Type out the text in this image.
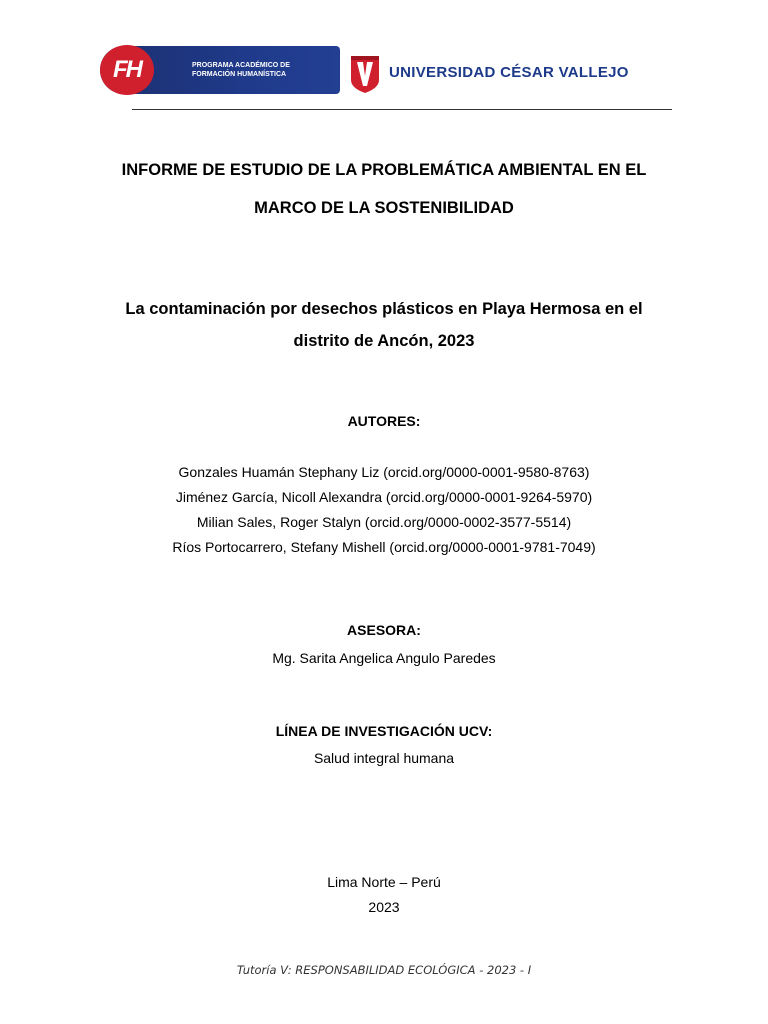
FH	PROGRAMA ACADÉMICO DE
FORMACIÓN HUMANÍSTICA	UNIVERSIDAD CÉSAR VALLEJO
INFORME DE ESTUDIO DE LA PROBLEMÁTICA AMBIENTAL EN EL
MARCO DE LA SOSTENIBILIDAD
La contaminación por desechos plásticos en Playa Hermosa en el
distrito de Ancón, 2023
AUTORES:
Gonzales Huamán Stephany Liz (orcid.org/0000-0001-9580-8763)
Jiménez García, Nicoll Alexandra (orcid.org/0000-0001-9264-5970)
Milian Sales, Roger Stalyn (orcid.org/0000-0002-3577-5514)
Ríos Portocarrero, Stefany Mishell (orcid.org/0000-0001-9781-7049)
ASESORA:
Mg. Sarita Angelica Angulo Paredes
LÍNEA DE INVESTIGACIÓN UCV:
Salud integral humana
Lima Norte – Perú
2023
Tutoría V: RESPONSABILIDAD ECOLÓGICA - 2023 - I
